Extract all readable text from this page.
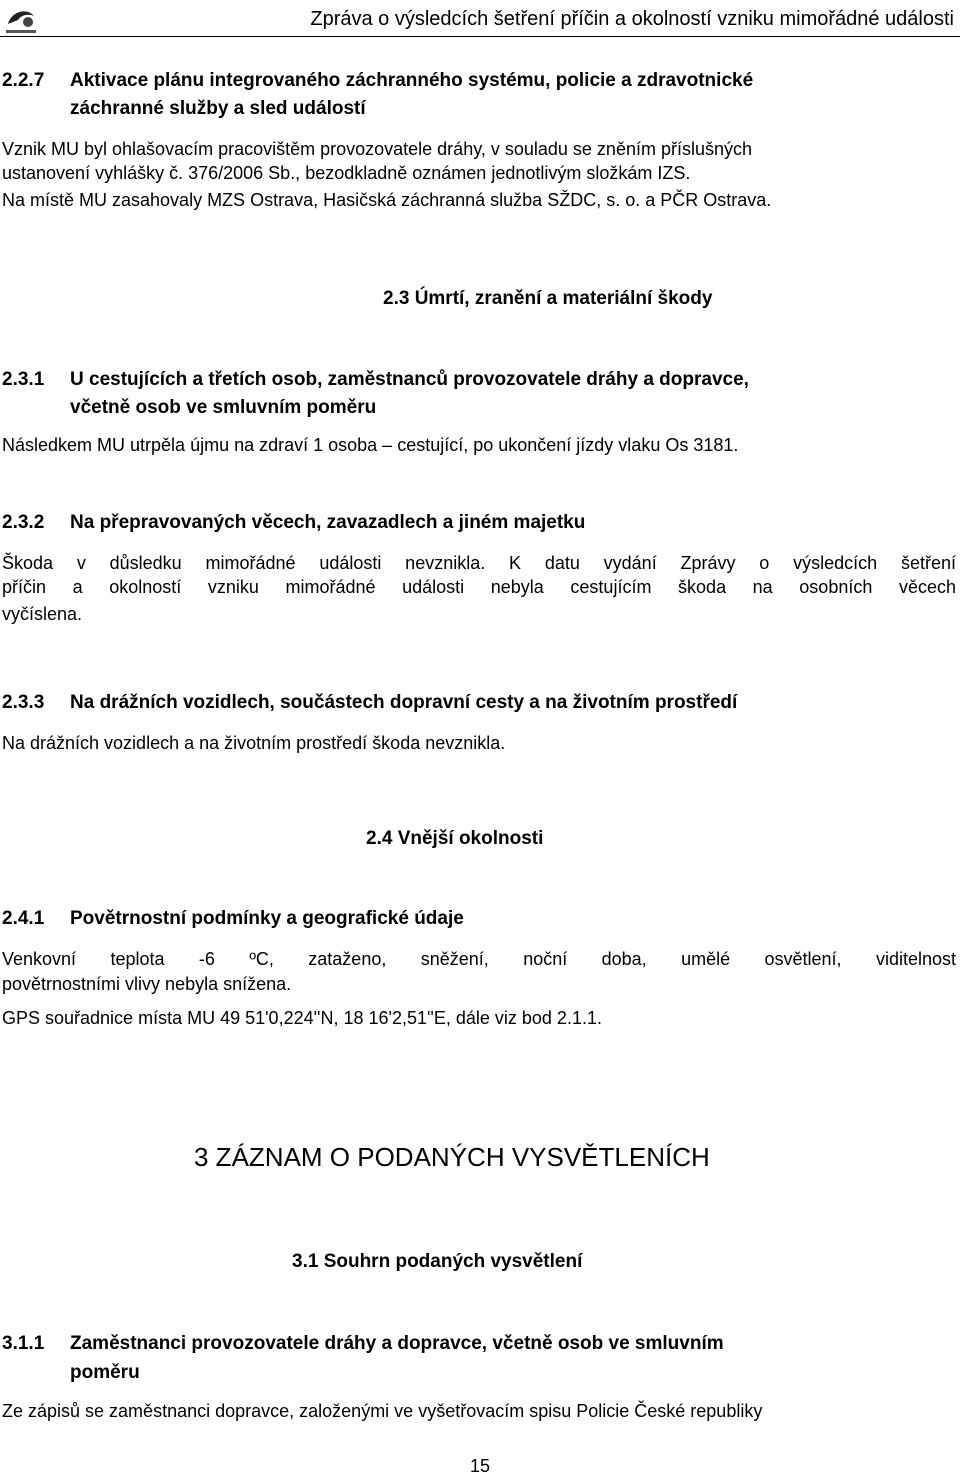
Zpráva o výsledcích šetření příčin a okolností vzniku mimořádné události
2.2.7 Aktivace plánu integrovaného záchranného systému, policie a zdravotnické
záchranné služby a sled událostí
Vznik MU byl ohlašovacím pracovištěm provozovatele dráhy, v souladu se zněním příslušných
ustanovení vyhlášky č. 376/2006 Sb., bezodkladně oznámen jednotlivým složkám IZS.
Na místě MU zasahovaly MZS Ostrava, Hasičská záchranná služba SŽDC, s. o. a PČR Ostrava.
2.3 Úmrtí, zranění a materiální škody
2.3.1 U cestujících a třetích osob, zaměstnanců provozovatele dráhy a dopravce,
včetně osob ve smluvním poměru
Následkem MU utrpěla újmu na zdraví 1 osoba – cestující, po ukončení jízdy vlaku Os 3181.
2.3.2 Na přepravovaných věcech, zavazadlech a jiném majetku
Škoda v důsledku mimořádné události nevznikla. K datu vydání Zprávy o výsledcích šetření
příčin a okolností vzniku mimořádné události nebyla cestujícím škoda na osobních věcech
vyčíslena.
2.3.3 Na drážních vozidlech, součástech dopravní cesty a na životním prostředí
Na drážních vozidlech a na životním prostředí škoda nevznikla.
2.4 Vnější okolnosti
2.4.1 Povětrnostní podmínky a geografické údaje
Venkovní teplota -6 ºC, zataženo, sněžení, noční doba, umělé osvětlení, viditelnost
povětrnostními vlivy nebyla snížena.
GPS souřadnice místa MU 49 51'0,224''N, 18 16'2,51''E, dále viz bod 2.1.1.
3 ZÁZNAM O PODANÝCH VYSVĚTLENÍCH
3.1 Souhrn podaných vysvětlení
3.1.1 Zaměstnanci provozovatele dráhy a dopravce, včetně osob ve smluvním
poměru
Ze zápisů se zaměstnanci dopravce, založenými ve vyšetřovacím spisu Policie České republiky
15
